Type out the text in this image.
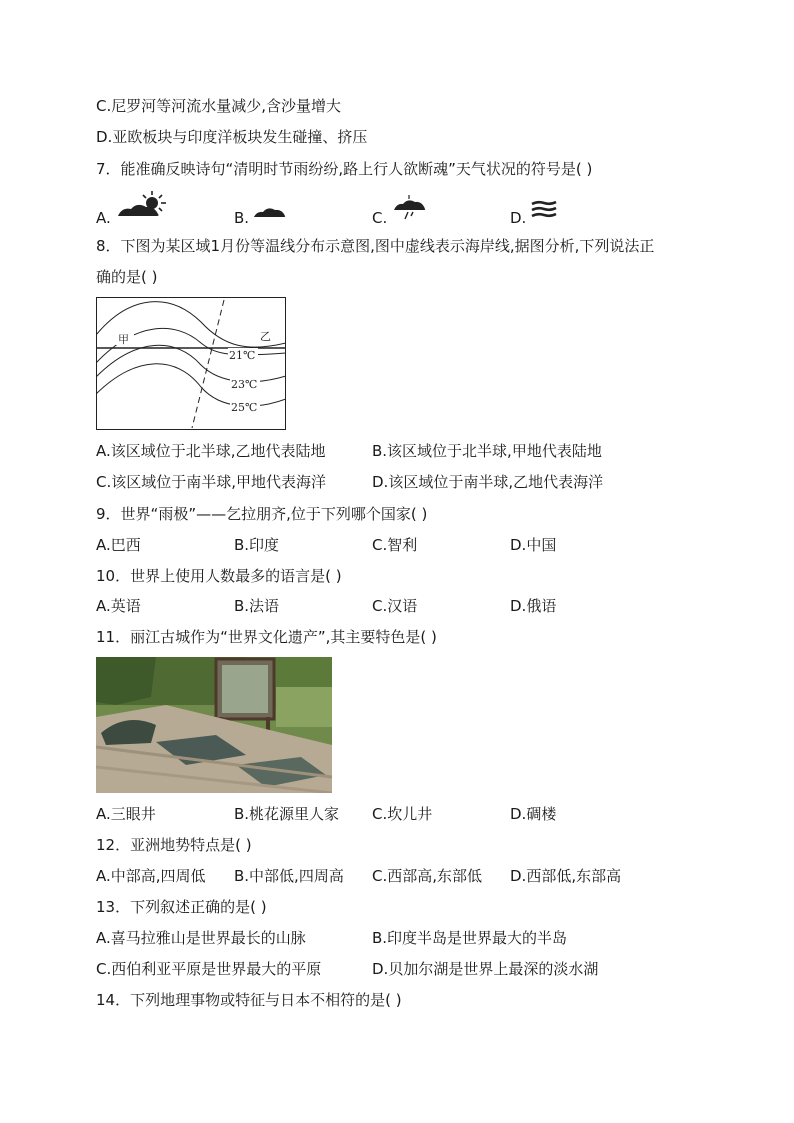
C.尼罗河等河流水量减少,含沙量增大
D.亚欧板块与印度洋板块发生碰撞、挤压
7．能准确反映诗句“清明时节雨纷纷,路上行人欲断魂”天气状况的符号是( )
A.	B.	C.	D.
8．下图为某区域1月份等温线分布示意图,图中虚线表示海岸线,据图分析,下列说法正
确的是( )
甲	乙
21℃
23℃
25℃
A.该区域位于北半球,乙地代表陆地	B.该区域位于北半球,甲地代表陆地
C.该区域位于南半球,甲地代表海洋	D.该区域位于南半球,乙地代表海洋
9．世界“雨极”——乞拉朋齐,位于下列哪个国家( )
A.巴西	B.印度	C.智利	D.中国
10．世界上使用人数最多的语言是( )
A.英语	B.法语	C.汉语	D.俄语
11．丽江古城作为“世界文化遗产”,其主要特色是( )
A.三眼井	B.桃花源里人家 C.坎儿井	D.碉楼
12．亚洲地势特点是( )
A.中部高,四周低 B.中部低,四周高 C.西部高,东部低 D.西部低,东部高
13．下列叙述正确的是( )
A.喜马拉雅山是世界最长的山脉	B.印度半岛是世界最大的半岛
C.西伯利亚平原是世界最大的平原	D.贝加尔湖是世界上最深的淡水湖
14．下列地理事物或特征与日本不相符的是( )
